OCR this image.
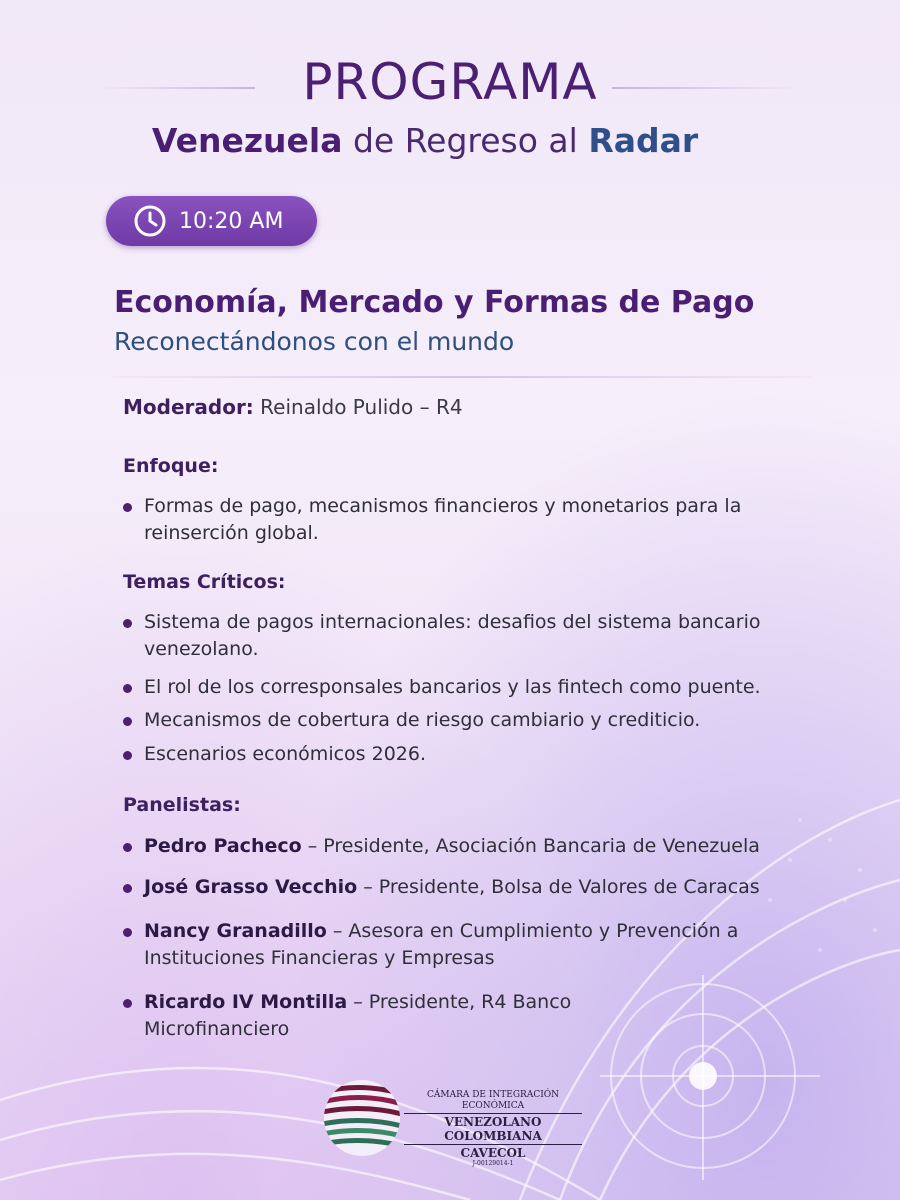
PROGRAMA
Venezuela de Regreso al Radar
10:20 AM
Economía, Mercado y Formas de Pago
Reconectándonos con el mundo
Moderador: Reinaldo Pulido – R4
Enfoque:
Formas de pago, mecanismos financieros y monetarios para la reinserción global.
Temas Críticos:
Sistema de pagos internacionales: desafios del sistema bancario venezolano.
El rol de los corresponsales bancarios y las fintech como puente.
Mecanismos de cobertura de riesgo cambiario y crediticio.
Escenarios económicos 2026.
Panelistas:
Pedro Pacheco – Presidente, Asociación Bancaria de Venezuela
José Grasso Vecchio – Presidente, Bolsa de Valores de Caracas
Nancy Granadillo – Asesora en Cumplimiento y Prevención a Instituciones Financieras y Empresas
Ricardo IV Montilla – Presidente, R4 Banco Microfinanciero
CÁMARA DE INTEGRACIÓN ECONÓMICA
VENEZOLANO COLOMBIANA
CAVECOL
J-00129014-1
